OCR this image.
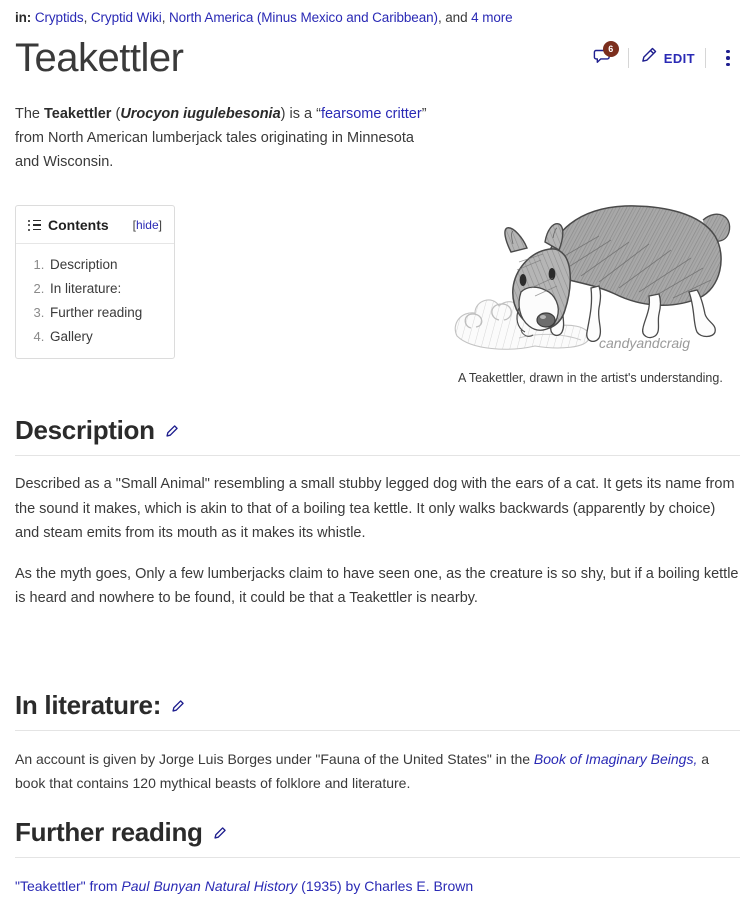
in: Cryptids, Cryptid Wiki, North America (Minus Mexico and Caribbean), and 4 more
Teakettler	6
EDIT

The Teakettler (Urocyon iugulebesonia) is a “fearsome critter” from North American lumberjack tales originating in Minnesota and Wisconsin.

Contents	[hide]
1. Description
2. In literature:
3. Further reading
4. Gallery	candyandcraig
A Teakettler, drawn in the artist's understanding.
Description

Described as a "Small Animal" resembling a small stubby legged dog with the ears of a cat. It gets its name from the sound it makes, which is akin to that of a boiling tea kettle. It only walks backwards (apparently by choice) and steam emits from its mouth as it makes its whistle.

As the myth goes, Only a few lumberjacks claim to have seen one, as the creature is so shy, but if a boiling kettle is heard and nowhere to be found, it could be that a Teakettler is nearby.

In literature:

An account is given by Jorge Luis Borges under "Fauna of the United States" in the Book of Imaginary Beings, a book that contains 120 mythical beasts of folklore and literature.

Further reading

"Teakettler" from Paul Bunyan Natural History (1935) by Charles E. Brown
